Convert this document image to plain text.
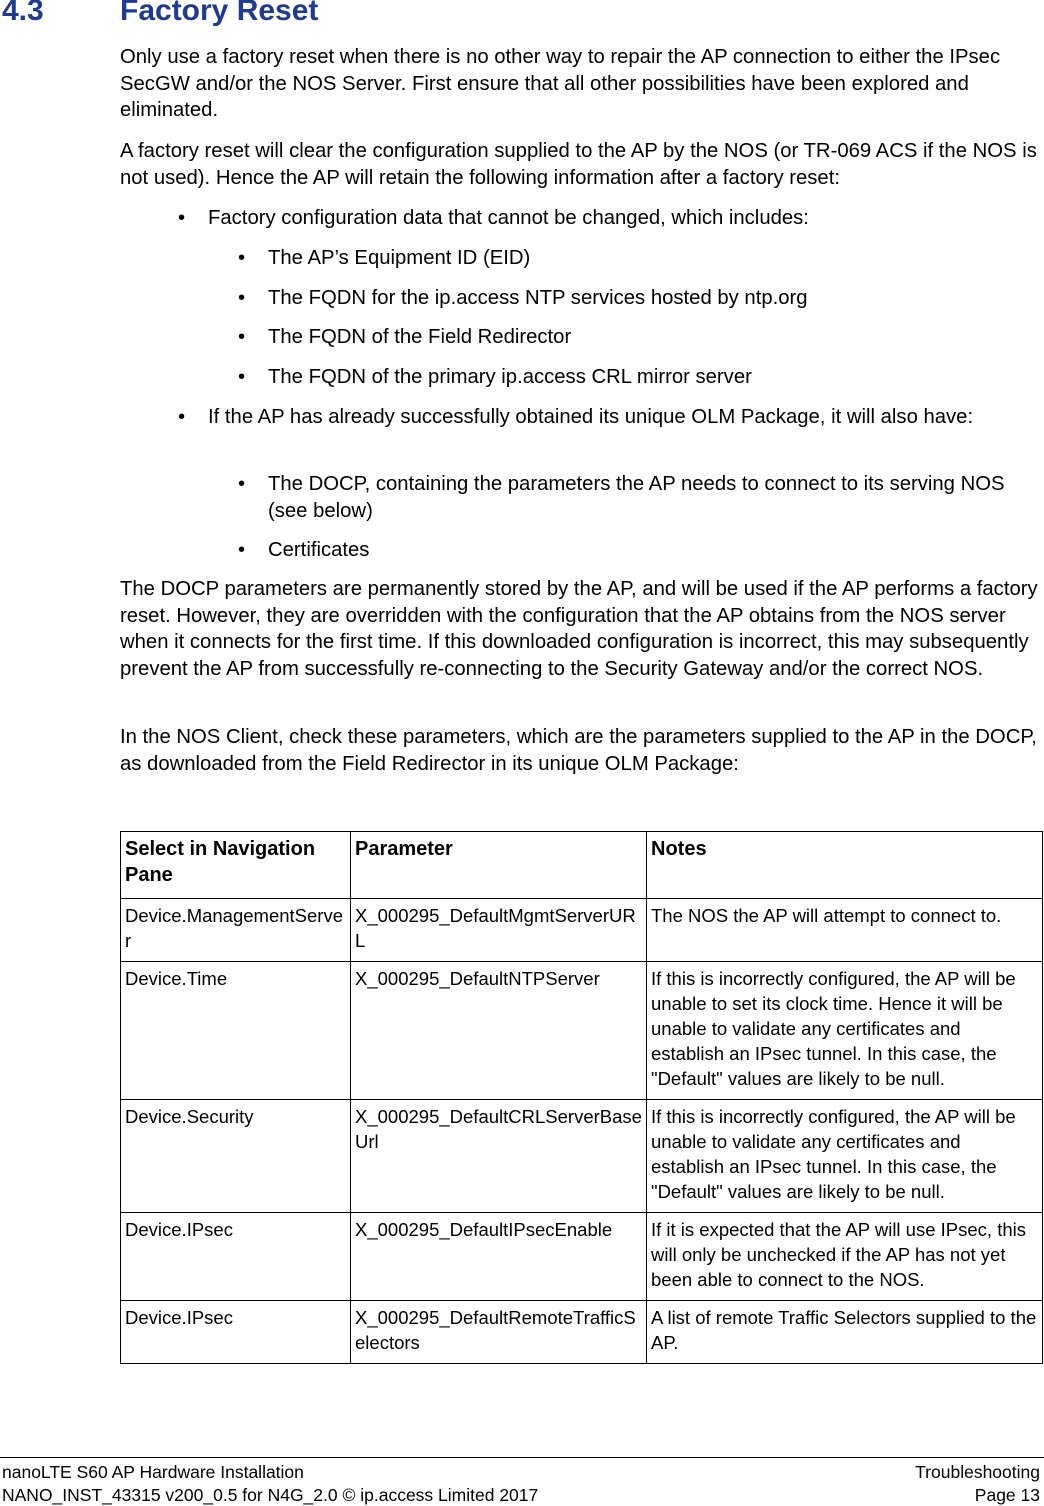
4.3	Factory Reset

Only use a factory reset when there is no other way to repair the AP connection to either the IPsec SecGW and/or the NOS Server. First ensure that all other possibilities have been explored and eliminated.

A factory reset will clear the configuration supplied to the AP by the NOS (or TR-069 ACS if the NOS is not used). Hence the AP will retain the following information after a factory reset:

• Factory configuration data that cannot be changed, which includes:
• The AP’s Equipment ID (EID)
• The FQDN for the ip.access NTP services hosted by ntp.org
• The FQDN of the Field Redirector
• The FQDN of the primary ip.access CRL mirror server
• If the AP has already successfully obtained its unique OLM Package, it will also have:
• The DOCP, containing the parameters the AP needs to connect to its serving NOS (see below)
• Certificates

The DOCP parameters are permanently stored by the AP, and will be used if the AP performs a factory reset. However, they are overridden with the configuration that the AP obtains from the NOS server when it connects for the first time. If this downloaded configuration is incorrect, this may subsequently prevent the AP from successfully re-connecting to the Security Gateway and/or the correct NOS.

In the NOS Client, check these parameters, which are the parameters supplied to the AP in the DOCP, as downloaded from the Field Redirector in its unique OLM Package:

Select in Navigation Pane	Parameter	Notes
Device.ManagementServer	X_000295_DefaultMgmtServerURL	The NOS the AP will attempt to connect to.
Device.Time	X_000295_DefaultNTPServer	If this is incorrectly configured, the AP will be unable to set its clock time. Hence it will be unable to validate any certificates and establish an IPsec tunnel. In this case, the "Default" values are likely to be null.
Device.Security	X_000295_DefaultCRLServerBaseUrl	If this is incorrectly configured, the AP will be unable to validate any certificates and establish an IPsec tunnel. In this case, the "Default" values are likely to be null.
Device.IPsec	X_000295_DefaultIPsecEnable	If it is expected that the AP will use IPsec, this will only be unchecked if the AP has not yet been able to connect to the NOS.
Device.IPsec	X_000295_DefaultRemoteTrafficSelectors	A list of remote Traffic Selectors supplied to the AP.
nanoLTE S60 AP Hardware Installation
NANO_INST_43315 v200_0.5 for N4G_2.0 © ip.access Limited 2017
Troubleshooting
Page 13
